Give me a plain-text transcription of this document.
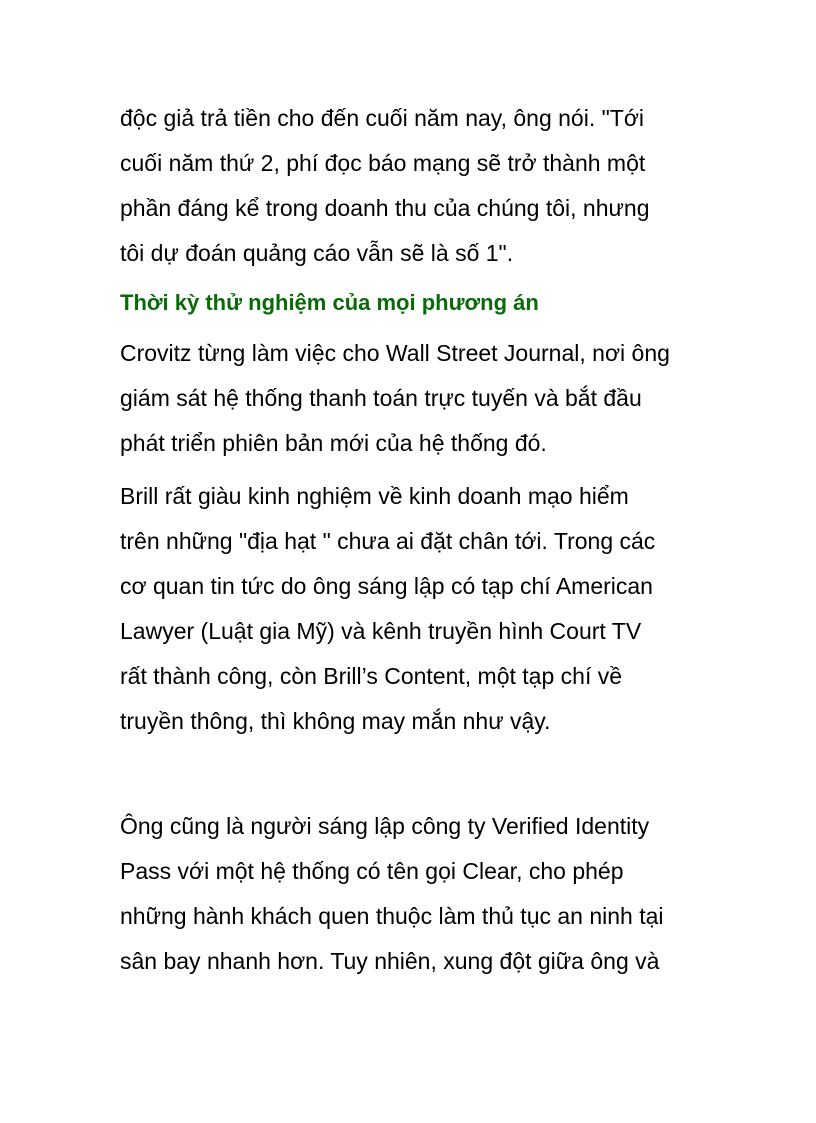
độc giả trả tiền cho đến cuối năm nay, ông nói. "Tới
cuối năm thứ 2, phí đọc báo mạng sẽ trở thành một
phần đáng kể trong doanh thu của chúng tôi, nhưng
tôi dự đoán quảng cáo vẫn sẽ là số 1".
Thời kỳ thử nghiệm của mọi phương án
Crovitz từng làm việc cho Wall Street Journal, nơi ông
giám sát hệ thống thanh toán trực tuyến và bắt đầu
phát triển phiên bản mới của hệ thống đó.
Brill rất giàu kinh nghiệm về kinh doanh mạo hiểm
trên những "địa hạt " chưa ai đặt chân tới. Trong các
cơ quan tin tức do ông sáng lập có tạp chí American
Lawyer (Luật gia Mỹ) và kênh truyền hình Court TV
rất thành công, còn Brill’s Content, một tạp chí về
truyền thông, thì không may mắn như vậy.
Ông cũng là người sáng lập công ty Verified Identity
Pass với một hệ thống có tên gọi Clear, cho phép
những hành khách quen thuộc làm thủ tục an ninh tại
sân bay nhanh hơn. Tuy nhiên, xung đột giữa ông và
